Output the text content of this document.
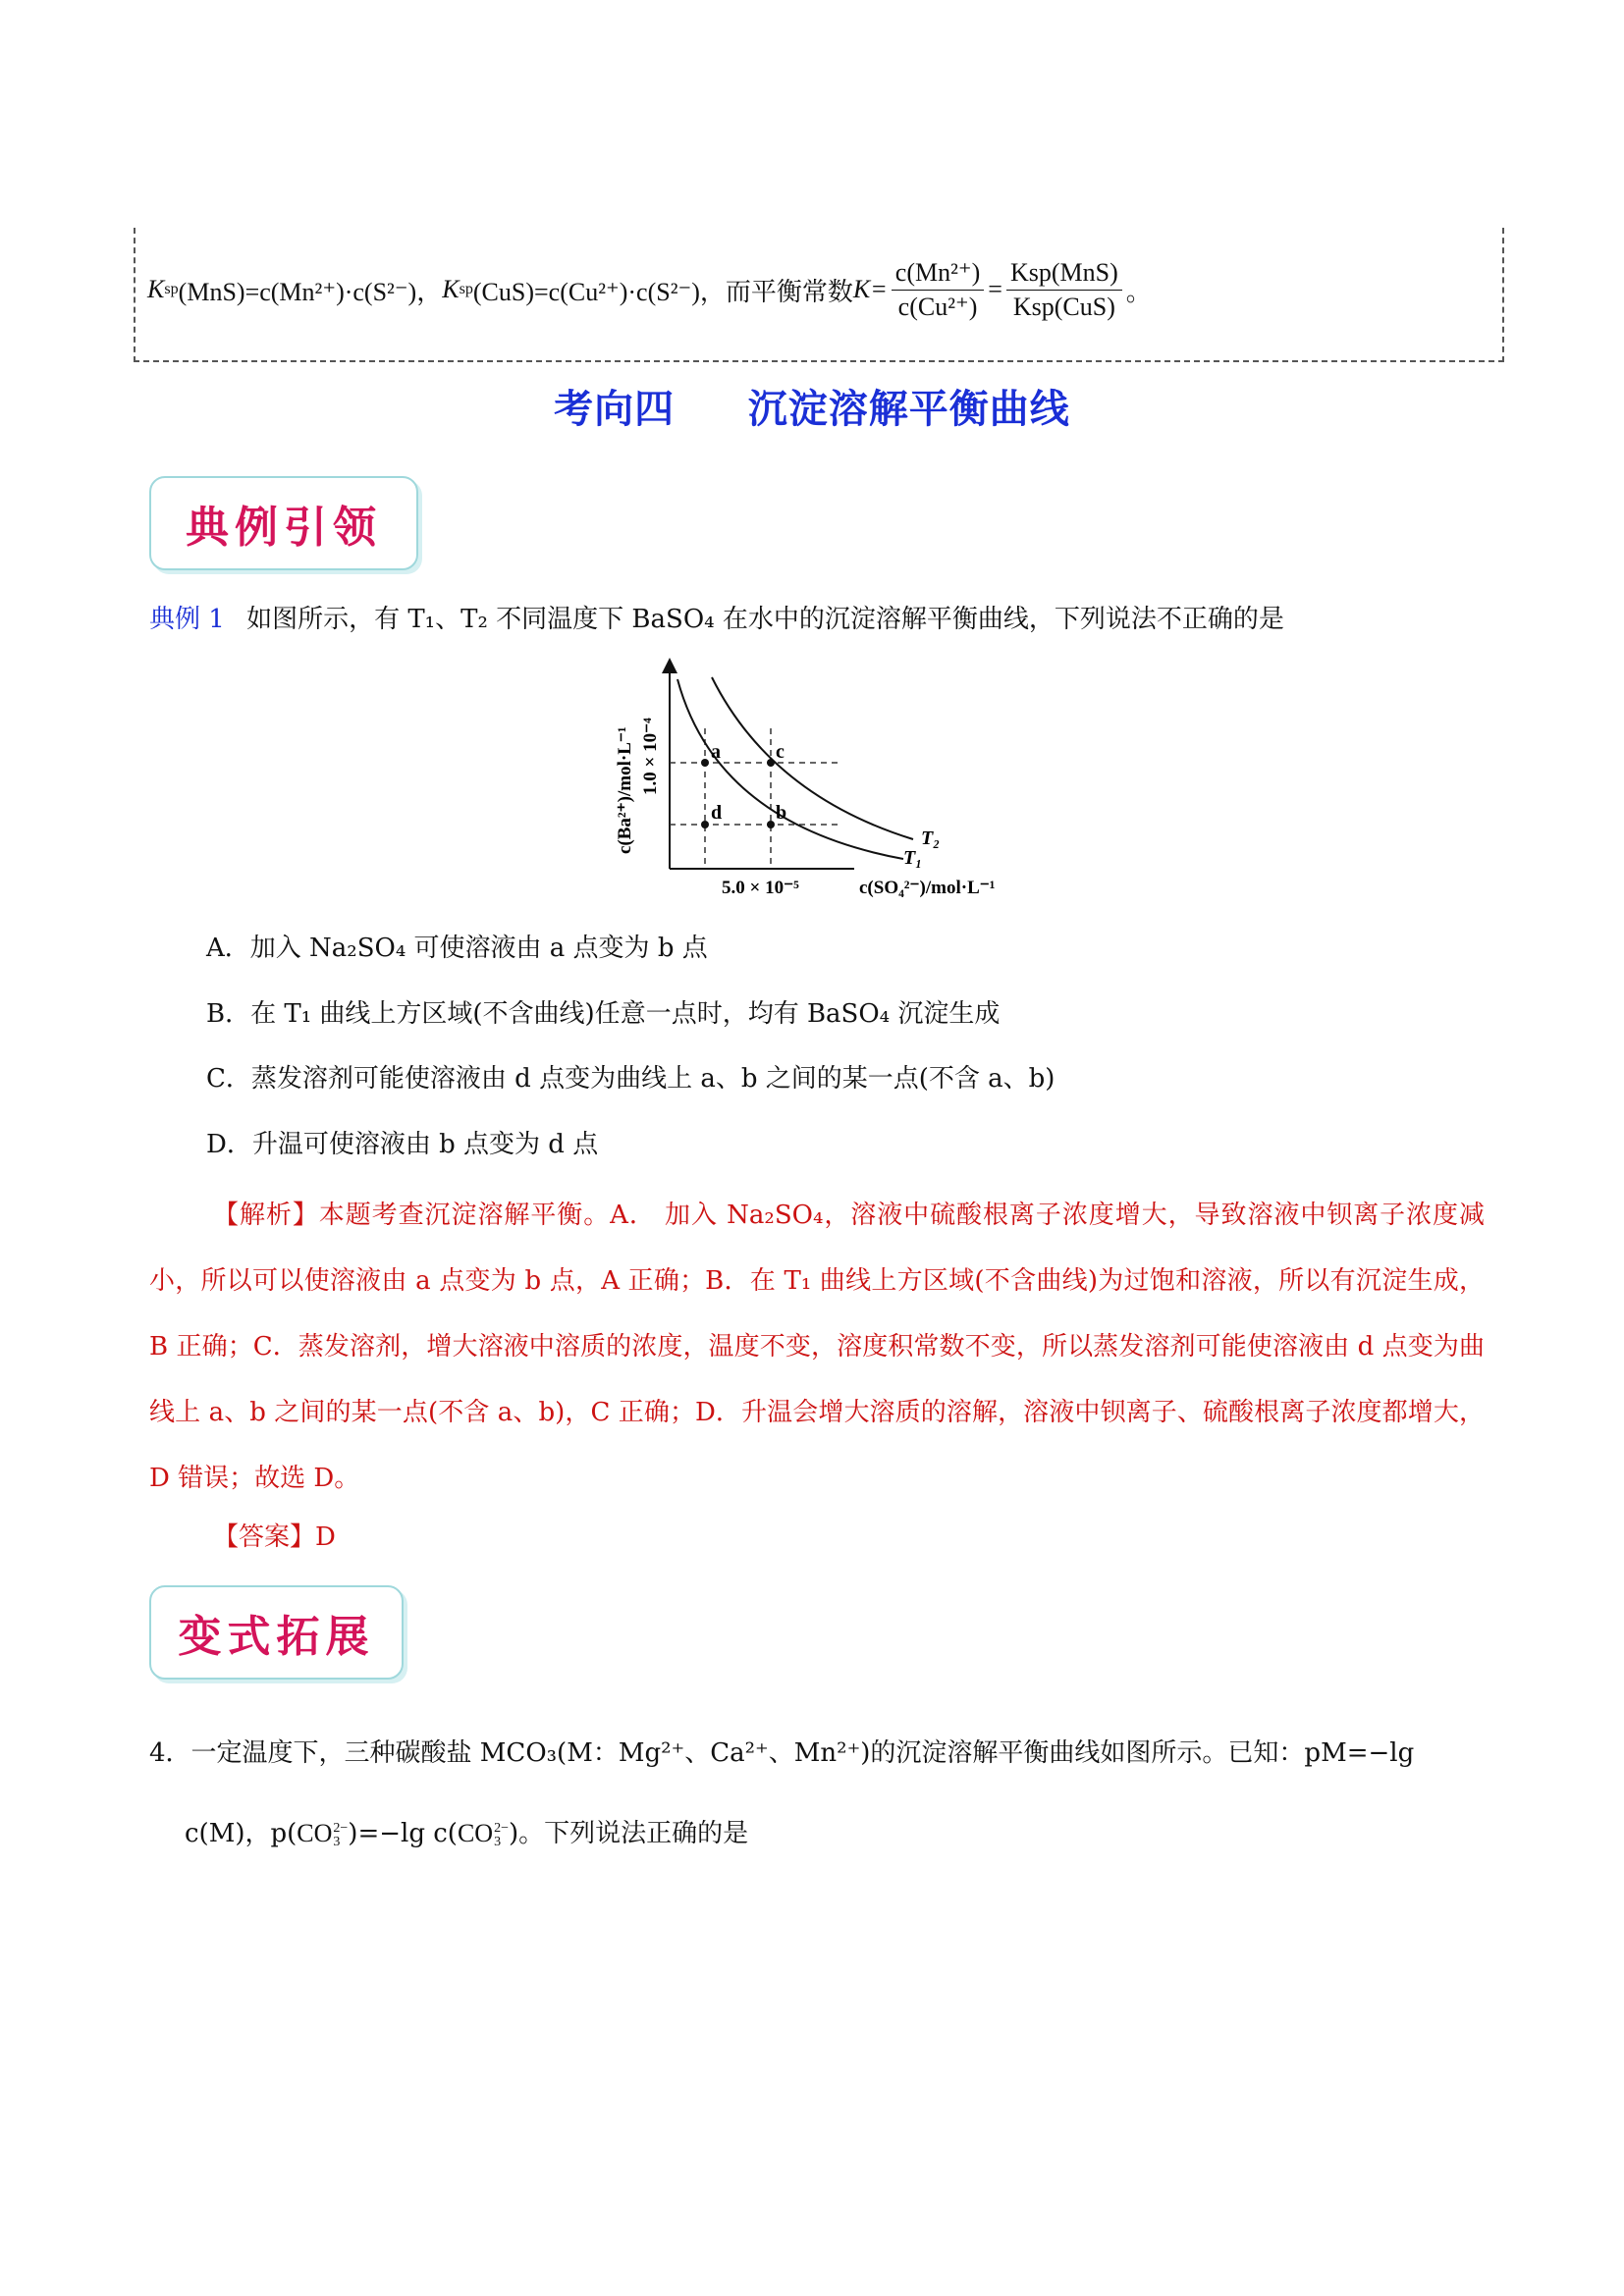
K sp (MnS)=c(Mn²⁺)·c(S²⁻)， K sp (CuS)=c(Cu²⁺)·c(S²⁻)，而平衡常数 $K= \frac{\text{c(Mn²⁺)}}{\text{c(Cu²⁺)}} = \frac{\text{Ksp(MnS)}}{\text{Ksp(CuS)}}$ 。
考向四     沉淀溶解平衡曲线
典例引领
典例 1 如图所示，有 T₁、T₂ 不同温度下 BaSO₄ 在水中的沉淀溶解平衡曲线，下列说法不正确的是
a	c
d	b
T₂
T₁
c(Ba²⁺)/mol·L⁻¹ 1.0 × 10⁻⁴
5.0 × 10⁻⁵	c(SO₄²⁻)/mol·L⁻¹
A．加入 Na₂SO₄ 可使溶液由 a 点变为 b 点
B．在 T₁ 曲线上方区域(不含曲线)任意一点时，均有 BaSO₄ 沉淀生成
C．蒸发溶剂可能使溶液由 d 点变为曲线上 a、b 之间的某一点(不含 a、b)
D．升温可使溶液由 b 点变为 d 点
【解析】本题考查沉淀溶解平衡。A． 加入 Na₂SO₄，溶液中硫酸根离子浓度增大，导致溶液中钡离子浓度减小，所以可以使溶液由 a 点变为 b 点，A 正确；B．在 T₁ 曲线上方区域(不含曲线)为过饱和溶液，所以有沉淀生成，B 正确；C．蒸发溶剂，增大溶液中溶质的浓度，温度不变，溶度积常数不变，所以蒸发溶剂可能使溶液由 d 点变为曲线上 a、b 之间的某一点(不含 a、b)，C 正确；D．升温会增大溶质的溶解，溶液中钡离子、硫酸根离子浓度都增大，D 错误；故选 D。
【答案】D
变式拓展
4．一定温度下，三种碳酸盐 MCO₃(M：Mg²⁺、Ca²⁺、Mn²⁺)的沉淀溶解平衡曲线如图所示。已知：pM=−lg
c(M)，p(CO 2−
3 )=−lg c(CO 2−
3 )。下列说法正确的是
